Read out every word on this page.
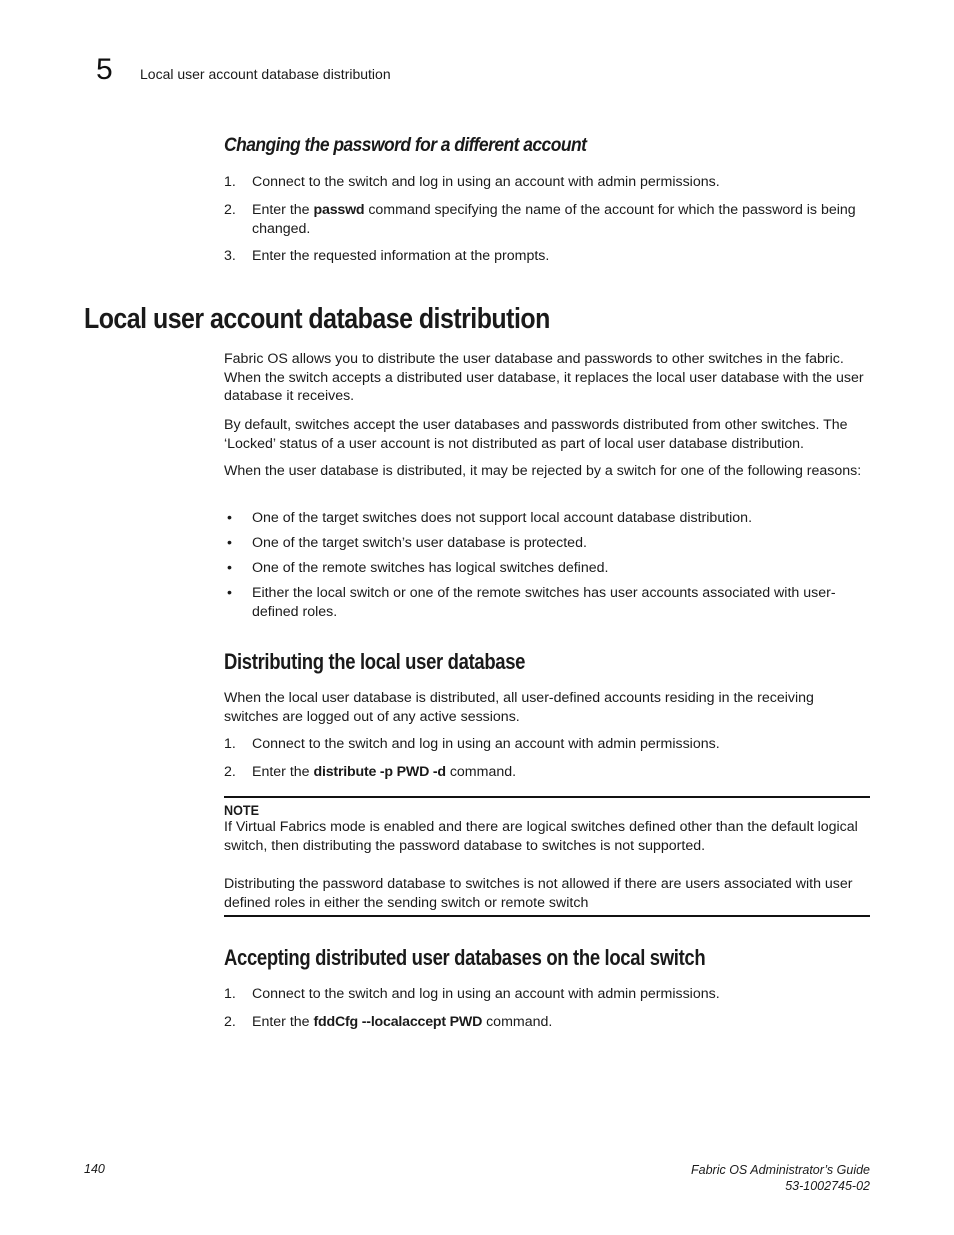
5 Local user account database distribution
Changing the password for a different account
1. Connect to the switch and log in using an account with admin permissions.
2. Enter the passwd command specifying the name of the account for which the password is being changed.
3. Enter the requested information at the prompts.
Local user account database distribution
Fabric OS allows you to distribute the user database and passwords to other switches in the fabric. When the switch accepts a distributed user database, it replaces the local user database with the user database it receives.
By default, switches accept the user databases and passwords distributed from other switches. The ‘Locked’ status of a user account is not distributed as part of local user database distribution.
When the user database is distributed, it may be rejected by a switch for one of the following reasons:
• One of the target switches does not support local account database distribution.
• One of the target switch’s user database is protected.
• One of the remote switches has logical switches defined.
• Either the local switch or one of the remote switches has user accounts associated with user-defined roles.
Distributing the local user database
When the local user database is distributed, all user-defined accounts residing in the receiving switches are logged out of any active sessions.
1. Connect to the switch and log in using an account with admin permissions.
2. Enter the distribute -p PWD -d command.
NOTE
If Virtual Fabrics mode is enabled and there are logical switches defined other than the default logical switch, then distributing the password database to switches is not supported.
Distributing the password database to switches is not allowed if there are users associated with user defined roles in either the sending switch or remote switch
Accepting distributed user databases on the local switch
1. Connect to the switch and log in using an account with admin permissions.
2. Enter the fddCfg --localaccept PWD command.
140	Fabric OS Administrator’s Guide
53-1002745-02
